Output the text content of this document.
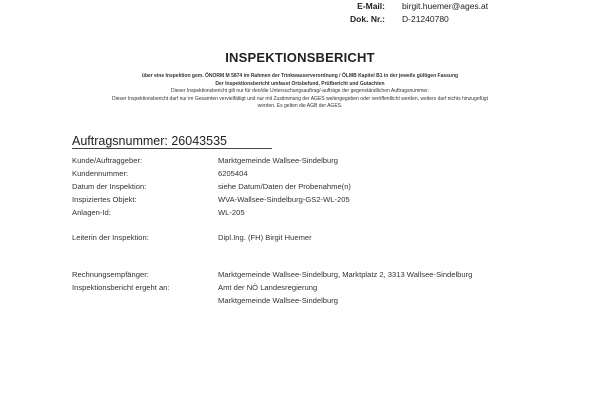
E-Mail: birgit.huemer@ages.at
Dok. Nr.: D-21240780
INSPEKTIONSBERICHT
über eine Inspektion gem. ÖNORM M 5874 im Rahmen der Trinkwasserverordnung / ÖLMB Kapitel B1 in der jeweils gültigen Fassung
Der Inspektionsbericht umfasst Ortsbefund, Prüfbericht und Gutachten
Dieser Inspektionsbericht gilt nur für den/die Untersuchungsauftrag/-aufträge der gegenständlichen Auftragsnummer.
Dieser Inspektionsbericht darf nur im Gesamten vervielfältigt und nur mit Zustimmung der AGES weitergegeben oder veröffentlicht werden, weiters darf nichts hinzugefügt
werden. Es gelten die AGB der AGES.
Auftragsnummer: 26043535
Kunde/Auftraggeber:	Marktgemeinde Wallsee-Sindelburg
Kundennummer:	6205404
Datum der Inspektion:	siehe Datum/Daten der Probenahme(n)
Inspiziertes Objekt:	WVA-Wallsee-Sindelburg-GS2-WL-205
Anlagen-Id:	WL-205
Leiterin der Inspektion:	Dipl.Ing. (FH) Birgit Huemer
Rechnungsempfänger:	Marktgemeinde Wallsee-Sindelburg, Marktplatz 2, 3313 Wallsee-Sindelburg
Inspektionsbericht ergeht an:	Amt der NÖ Landesregierung
Marktgemeinde Wallsee-Sindelburg
